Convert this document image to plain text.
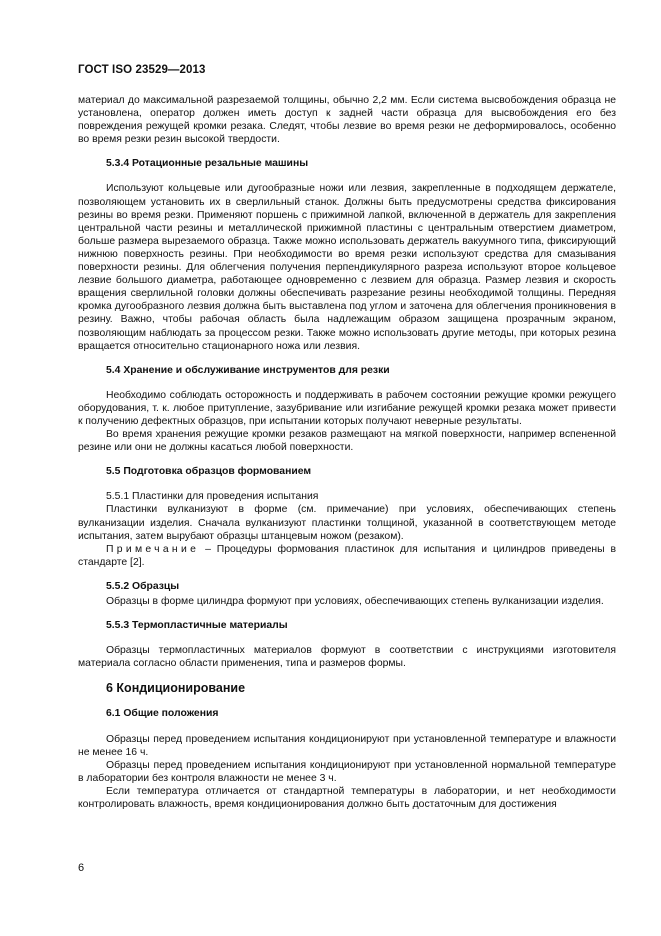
ГОСТ ISO 23529—2013

материал до максимальной разрезаемой толщины, обычно 2,2 мм. Если система высвобождения образца не установлена, оператор должен иметь доступ к задней части образца для высвобождения его без повреждения режущей кромки резака. Следят, чтобы лезвие во время резки не деформировалось, особенно во время резки резин высокой твердости.

5.3.4 Ротационные резальные машины

Используют кольцевые или дугообразные ножи или лезвия, закрепленные в подходящем держателе, позволяющем установить их в сверлильный станок. Должны быть предусмотрены средства фиксирования резины во время резки. Применяют поршень с прижимной лапкой, включенной в держатель для закрепления центральной части резины и металлической прижимной пластины с центральным отверстием диаметром, больше размера вырезаемого образца. Также можно использовать держатель вакуумного типа, фиксирующий нижнюю поверхность резины. При необходимости во время резки используют средства для смазывания поверхности резины. Для облегчения получения перпендикулярного разреза используют второе кольцевое лезвие большого диаметра, работающее одновременно с лезвием для образца. Размер лезвия и скорость вращения сверлильной головки должны обеспечивать разрезание резины необходимой толщины. Передняя кромка дугообразного лезвия должна быть выставлена под углом и заточена для облегчения проникновения в резину. Важно, чтобы рабочая область была надлежащим образом защищена прозрачным экраном, позволяющим наблюдать за процессом резки. Также можно использовать другие методы, при которых резина вращается относительно стационарного ножа или лезвия.

5.4 Хранение и обслуживание инструментов для резки

Необходимо соблюдать осторожность и поддерживать в рабочем состоянии режущие кромки режущего оборудования, т. к. любое притупление, зазубривание или изгибание режущей кромки резака может привести к получению дефектных образцов, при испытании которых получают неверные результаты.

Во время хранения режущие кромки резаков размещают на мягкой поверхности, например вспененной резине или они не должны касаться любой поверхности.

5.5 Подготовка образцов формованием

5.5.1 Пластинки для проведения испытания

Пластинки вулканизуют в форме (см. примечание) при условиях, обеспечивающих степень вулканизации изделия. Сначала вулканизуют пластинки толщиной, указанной в соответствующем методе испытания, затем вырубают образцы штанцевым ножом (резаком).

Примечание – Процедуры формования пластинок для испытания и цилиндров приведены в стандарте [2].

5.5.2 Образцы

Образцы в форме цилиндра формуют при условиях, обеспечивающих степень вулканизации изделия.

5.5.3 Термопластичные материалы

Образцы термопластичных материалов формуют в соответствии с инструкциями изготовителя материала согласно области применения, типа и размеров формы.

6 Кондиционирование

6.1 Общие положения

Образцы перед проведением испытания кондиционируют при установленной температуре и влажности не менее 16 ч.

Образцы перед проведением испытания кондиционируют при установленной нормальной температуре в лаборатории без контроля влажности не менее 3 ч.

Если температура отличается от стандартной температуры в лаборатории, и нет необходимости контролировать влажность, время кондиционирования должно быть достаточным для достижения

6
